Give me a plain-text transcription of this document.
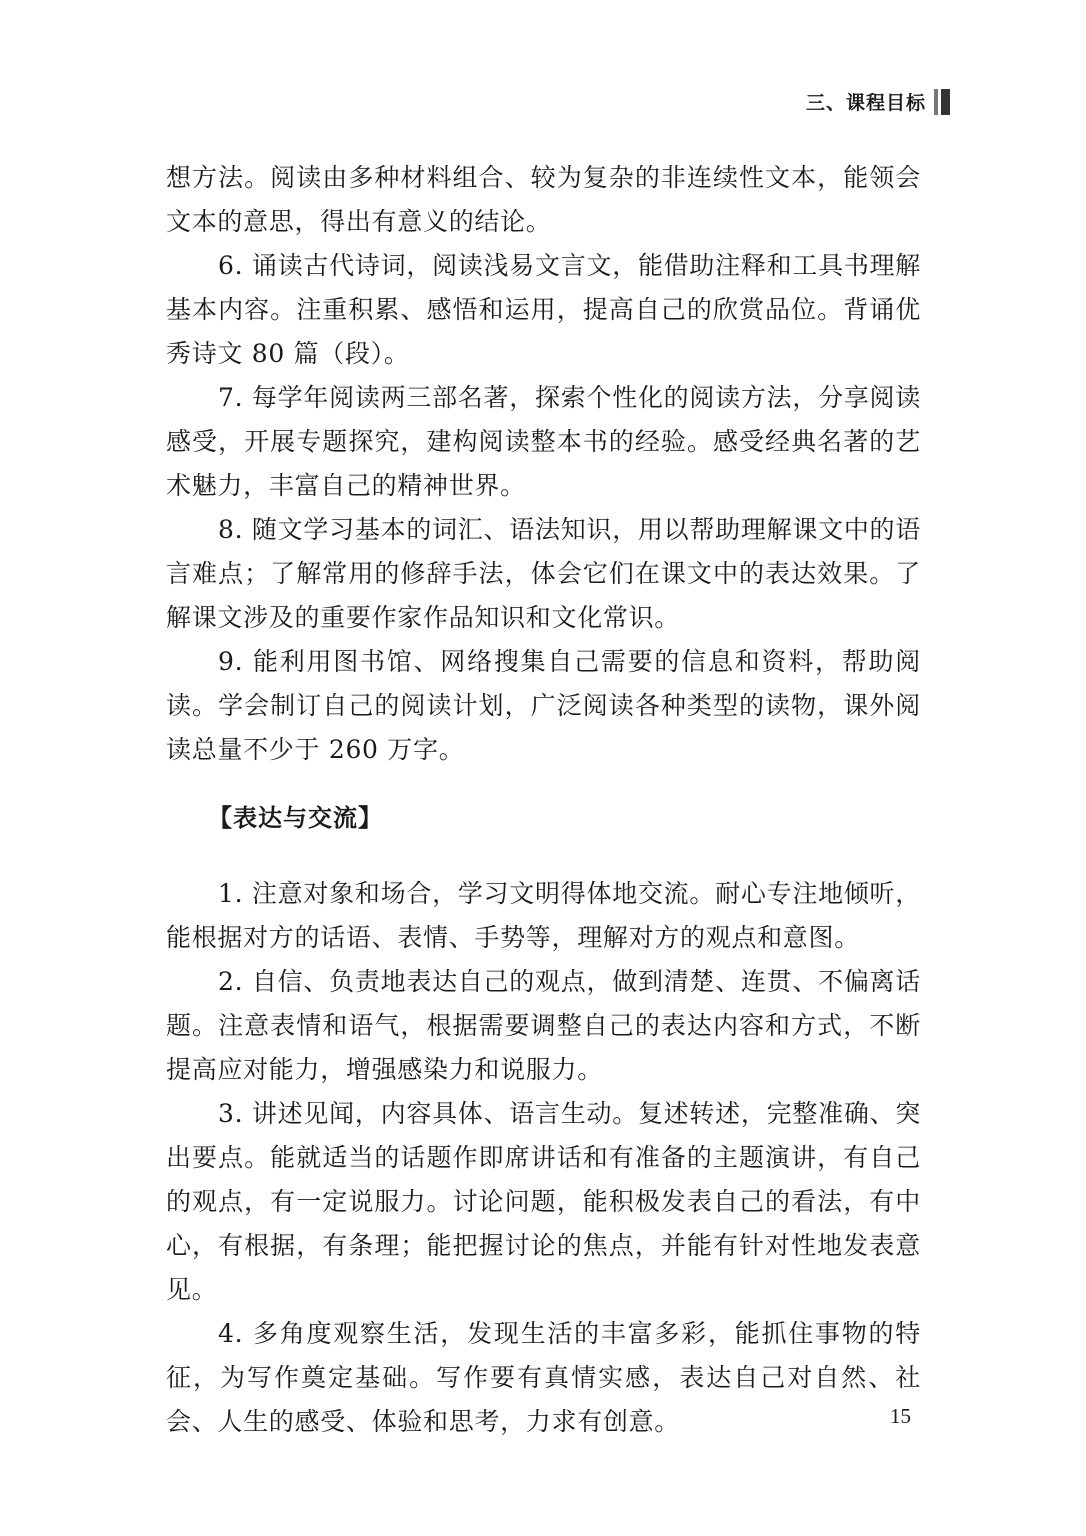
三、课程目标

想方法。阅读由多种材料组合、较为复杂的非连续性文本，能领会文本的意思，得出有意义的结论。

6. 诵读古代诗词，阅读浅易文言文，能借助注释和工具书理解基本内容。注重积累、感悟和运用，提高自己的欣赏品位。背诵优秀诗文 80 篇（段）。

7. 每学年阅读两三部名著，探索个性化的阅读方法，分享阅读感受，开展专题探究，建构阅读整本书的经验。感受经典名著的艺术魅力，丰富自己的精神世界。

8. 随文学习基本的词汇、语法知识，用以帮助理解课文中的语言难点；了解常用的修辞手法，体会它们在课文中的表达效果。了解课文涉及的重要作家作品知识和文化常识。

9. 能利用图书馆、网络搜集自己需要的信息和资料，帮助阅读。学会制订自己的阅读计划，广泛阅读各种类型的读物，课外阅读总量不少于 260 万字。

【表达与交流】

1. 注意对象和场合，学习文明得体地交流。耐心专注地倾听，能根据对方的话语、表情、手势等，理解对方的观点和意图。

2. 自信、负责地表达自己的观点，做到清楚、连贯、不偏离话题。注意表情和语气，根据需要调整自己的表达内容和方式，不断提高应对能力，增强感染力和说服力。

3. 讲述见闻，内容具体、语言生动。复述转述，完整准确、突出要点。能就适当的话题作即席讲话和有准备的主题演讲，有自己的观点，有一定说服力。讨论问题，能积极发表自己的看法，有中心，有根据，有条理；能把握讨论的焦点，并能有针对性地发表意见。

4. 多角度观察生活，发现生活的丰富多彩，能抓住事物的特征，为写作奠定基础。写作要有真情实感，表达自己对自然、社会、人生的感受、体验和思考，力求有创意。	15
